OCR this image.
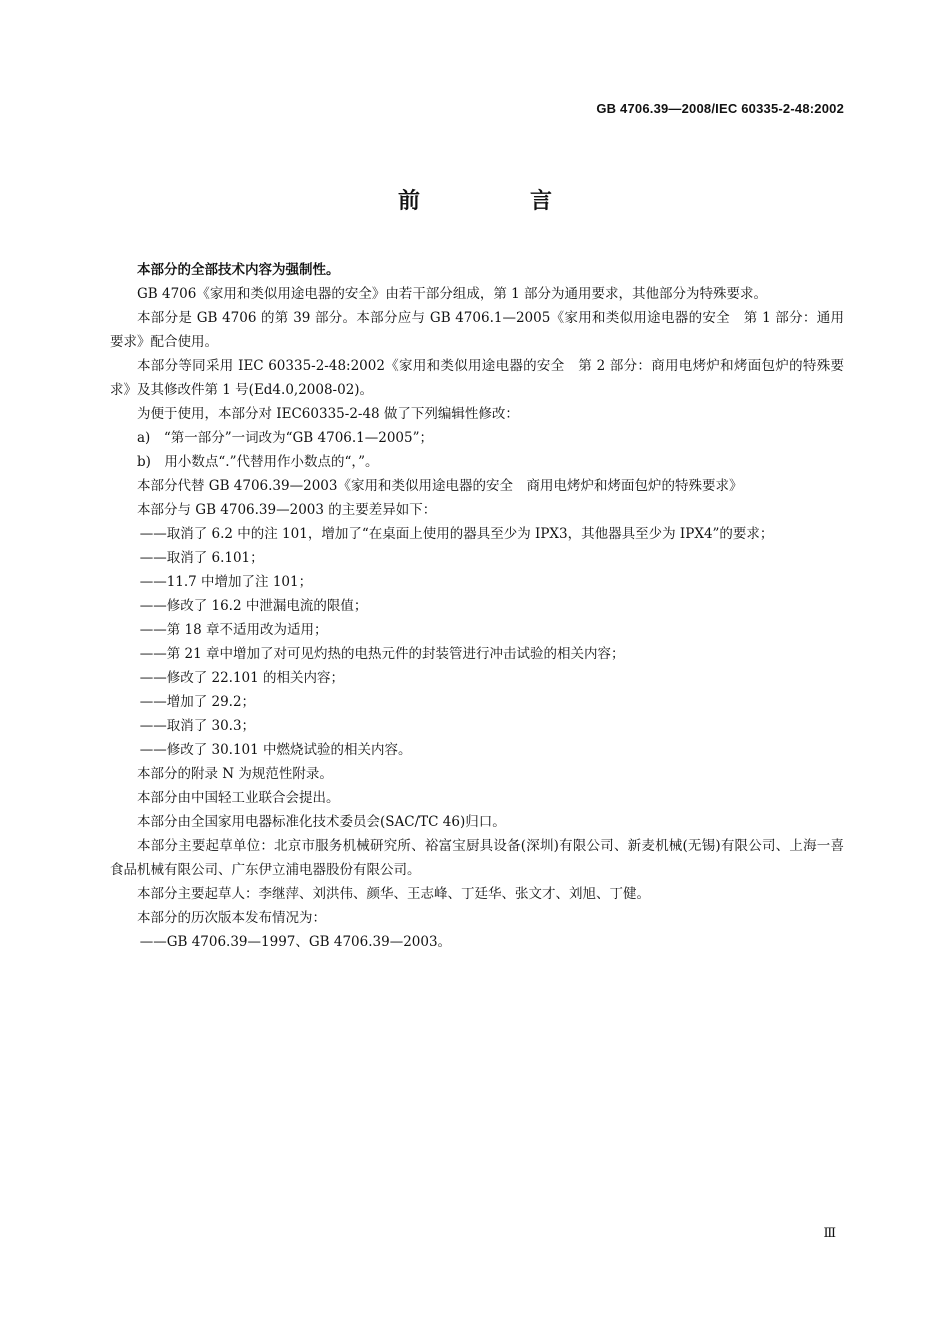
GB 4706.39—2008/IEC 60335-2-48:2002
前　言

本部分的全部技术内容为强制性。

GB 4706《家用和类似用途电器的安全》由若干部分组成，第 1 部分为通用要求，其他部分为特殊要求。

本部分是 GB 4706 的第 39 部分。本部分应与 GB 4706.1—2005《家用和类似用途电器的安全　第 1 部分：通用要求》配合使用。

本部分等同采用 IEC 60335-2-48:2002《家用和类似用途电器的安全　第 2 部分：商用电烤炉和烤面包炉的特殊要求》及其修改件第 1 号(Ed4.0,2008-02)。

为便于使用，本部分对 IEC60335-2-48 做了下列编辑性修改：

a)　“第一部分”一词改为“GB 4706.1—2005”；

b)　用小数点“.”代替用作小数点的“，”。

本部分代替 GB 4706.39—2003《家用和类似用途电器的安全　商用电烤炉和烤面包炉的特殊要求》

本部分与 GB 4706.39—2003 的主要差异如下：

——取消了 6.2 中的注 101，增加了“在桌面上使用的器具至少为 IPX3，其他器具至少为 IPX4”的要求；

——取消了 6.101；

——11.7 中增加了注 101；

——修改了 16.2 中泄漏电流的限值；

——第 18 章不适用改为适用；

——第 21 章中增加了对可见灼热的电热元件的封装管进行冲击试验的相关内容；

——修改了 22.101 的相关内容；

——增加了 29.2；

——取消了 30.3；

——修改了 30.101 中燃烧试验的相关内容。

本部分的附录 N 为规范性附录。

本部分由中国轻工业联合会提出。

本部分由全国家用电器标准化技术委员会(SAC/TC 46)归口。

本部分主要起草单位：北京市服务机械研究所、裕富宝厨具设备(深圳)有限公司、新麦机械(无锡)有限公司、上海一喜食品机械有限公司、广东伊立浦电器股份有限公司。

本部分主要起草人：李继萍、刘洪伟、颜华、王志峰、丁廷华、张文才、刘旭、丁健。

本部分的历次版本发布情况为：

——GB 4706.39—1997、GB 4706.39—2003。

Ⅲ
